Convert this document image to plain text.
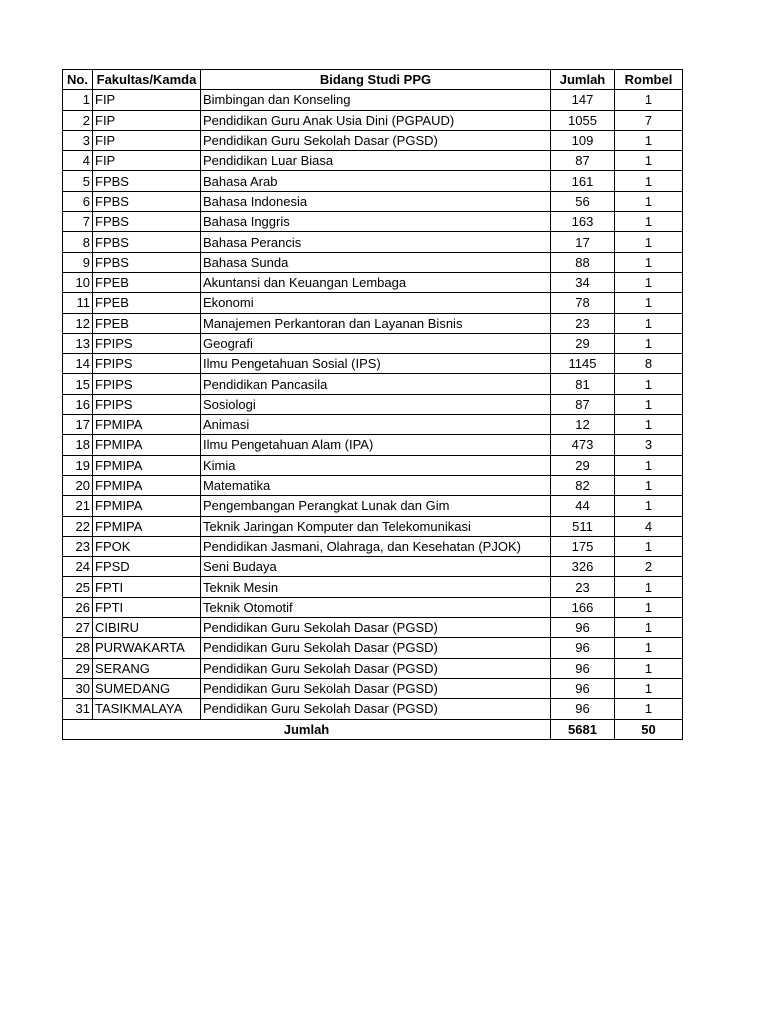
No.	Fakultas/Kamda	Bidang Studi PPG	Jumlah	Rombel
1	FIP	Bimbingan dan Konseling	147	1
2	FIP	Pendidikan Guru Anak Usia Dini (PGPAUD)	1055	7
3	FIP	Pendidikan Guru Sekolah Dasar (PGSD)	109	1
4	FIP	Pendidikan Luar Biasa	87	1
5	FPBS	Bahasa Arab	161	1
6	FPBS	Bahasa Indonesia	56	1
7	FPBS	Bahasa Inggris	163	1
8	FPBS	Bahasa Perancis	17	1
9	FPBS	Bahasa Sunda	88	1
10	FPEB	Akuntansi dan Keuangan Lembaga	34	1
11	FPEB	Ekonomi	78	1
12	FPEB	Manajemen Perkantoran dan Layanan Bisnis	23	1
13	FPIPS	Geografi	29	1
14	FPIPS	Ilmu Pengetahuan Sosial (IPS)	1145	8
15	FPIPS	Pendidikan Pancasila	81	1
16	FPIPS	Sosiologi	87	1
17	FPMIPA	Animasi	12	1
18	FPMIPA	Ilmu Pengetahuan Alam (IPA)	473	3
19	FPMIPA	Kimia	29	1
20	FPMIPA	Matematika	82	1
21	FPMIPA	Pengembangan Perangkat Lunak dan Gim	44	1
22	FPMIPA	Teknik Jaringan Komputer dan Telekomunikasi	511	4
23	FPOK	Pendidikan Jasmani, Olahraga, dan Kesehatan (PJOK)	175	1
24	FPSD	Seni Budaya	326	2
25	FPTI	Teknik Mesin	23	1
26	FPTI	Teknik Otomotif	166	1
27	CIBIRU	Pendidikan Guru Sekolah Dasar (PGSD)	96	1
28	PURWAKARTA	Pendidikan Guru Sekolah Dasar (PGSD)	96	1
29	SERANG	Pendidikan Guru Sekolah Dasar (PGSD)	96	1
30	SUMEDANG	Pendidikan Guru Sekolah Dasar (PGSD)	96	1
31	TASIKMALAYA	Pendidikan Guru Sekolah Dasar (PGSD)	96	1
Jumlah			5681	50
